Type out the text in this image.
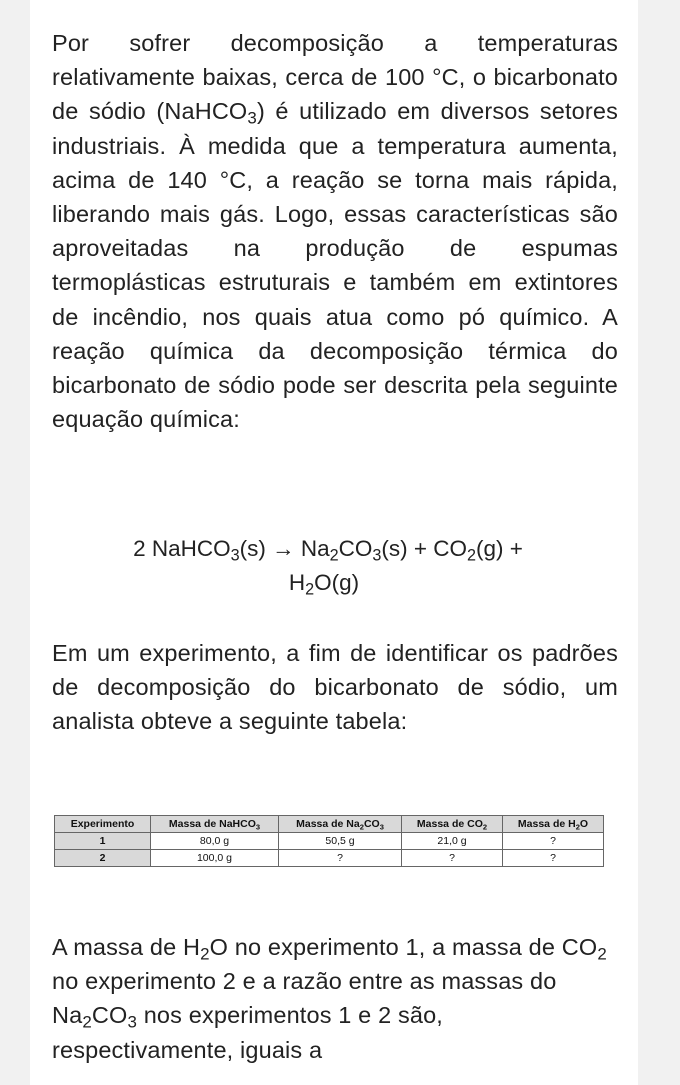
Por sofrer decomposição a temperaturas relativamente baixas, cerca de 100 °C, o bicarbonato de sódio (NaHCO$_3$) é utilizado em diversos setores industriais. À medida que a temperatura aumenta, acima de 140 °C, a reação se torna mais rápida, liberando mais gás. Logo, essas características são aproveitadas na produção de espumas termoplásticas estruturais e também em extintores de incêndio, nos quais atua como pó químico. A reação química da decomposição térmica do bicarbonato de sódio pode ser descrita pela seguinte equação química:
2 NaHCO$_3$(s) → $Na_2CO_3(s) + CO_2(g)$ +
$H_2O(g)$
Em um experimento, a fim de identificar os padrões de decomposição do bicarbonato de sódio, um analista obteve a seguinte tabela:
Experimento	Massa de NaHCO$_3$	Massa de $Na_2CO_3$	Massa de $CO_2$	Massa de $H_2O$
1	80,0 g	50,5 g	21,0 g	?
2	100,0 g	?	?	?
A massa de $H_2O$ no experimento 1, a massa de $CO_2$ no experimento 2 e a razão entre as massas do $Na_2CO_3$ nos experimentos 1 e 2 são, respectivamente, iguais a
